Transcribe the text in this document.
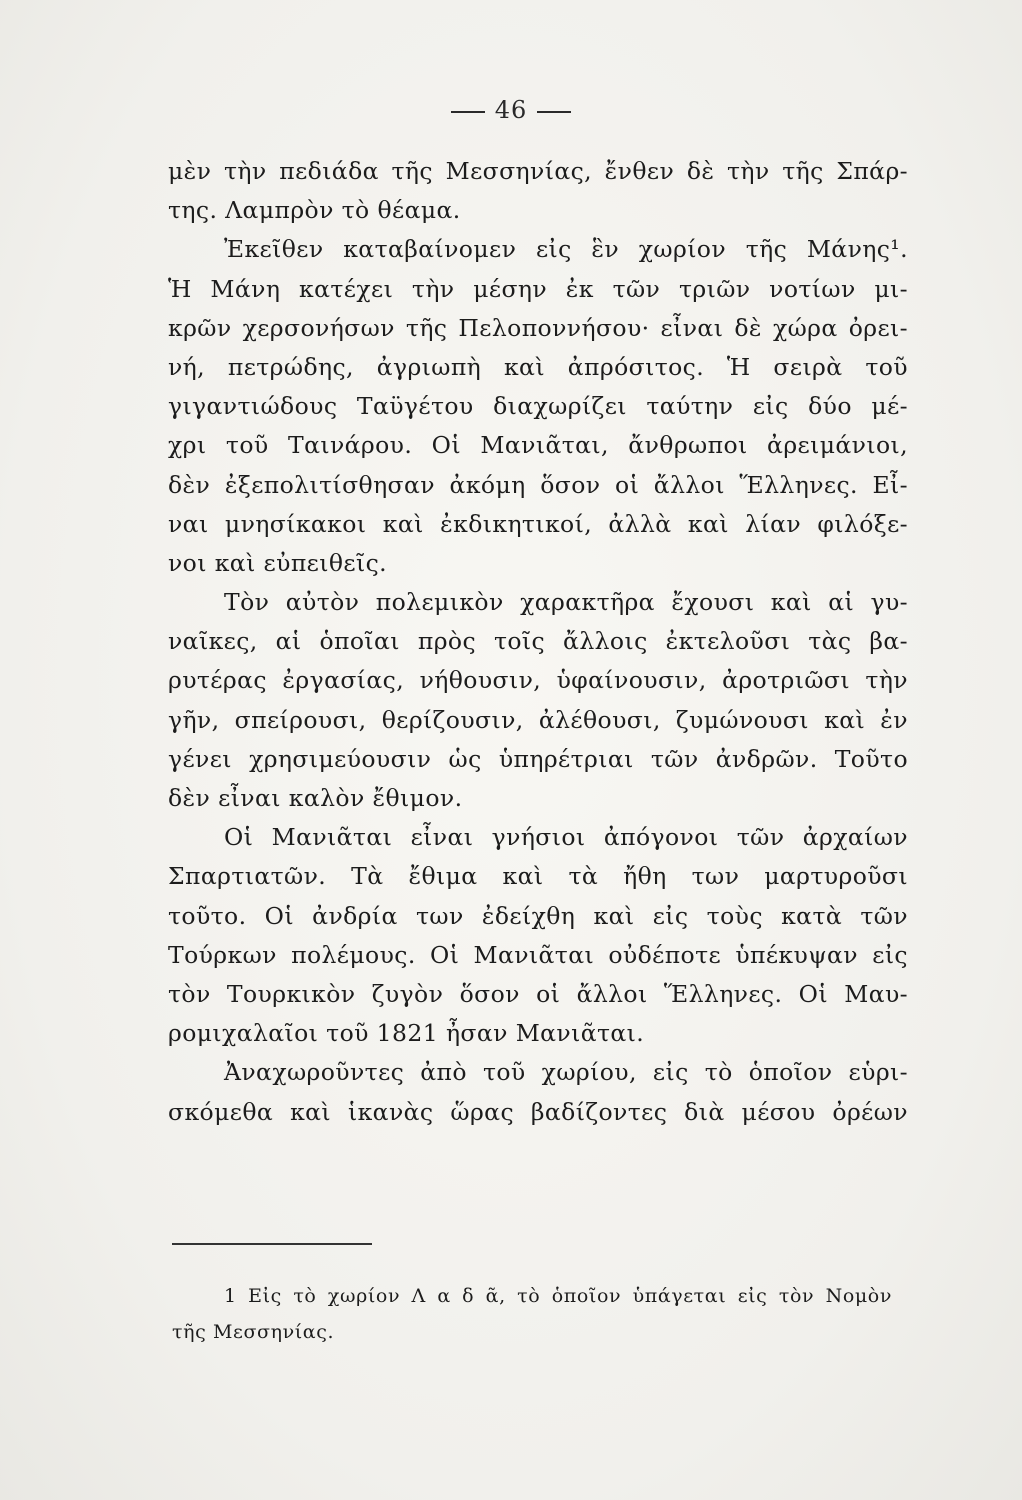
46
μὲν τὴν πεδιάδα τῆς Μεσσηνίας, ἔνθεν δὲ τὴν τῆς Σπάρ-
της. Λαμπρὸν τὸ θέαμα.
Ἐκεῖθεν καταβαίνομεν εἰς ἓν χωρίον τῆς Μάνης¹.
Ἡ Μάνη κατέχει τὴν μέσην ἐκ τῶν τριῶν νοτίων μι-
κρῶν χερσονήσων τῆς Πελοποννήσου· εἶναι δὲ χώρα ὀρει-
νή, πετρώδης, ἀγριωπὴ καὶ ἀπρόσιτος. Ἡ σειρὰ τοῦ
γιγαντιώδους Ταϋγέτου διαχωρίζει ταύτην εἰς δύο μέ-
χρι τοῦ Ταινάρου. Οἱ Μανιᾶται, ἄνθρωποι ἀρειμάνιοι,
δὲν ἐξεπολιτίσθησαν ἀκόμη ὅσον οἱ ἄλλοι Ἕλληνες. Εἶ-
ναι μνησίκακοι καὶ ἐκδικητικοί, ἀλλὰ καὶ λίαν φιλόξε-
νοι καὶ εὐπειθεῖς.
Τὸν αὐτὸν πολεμικὸν χαρακτῆρα ἔχουσι καὶ αἱ γυ-
ναῖκες, αἱ ὁποῖαι πρὸς τοῖς ἄλλοις ἐκτελοῦσι τὰς βα-
ρυτέρας ἐργασίας, νήθουσιν, ὑφαίνουσιν, ἀροτριῶσι τὴν
γῆν, σπείρουσι, θερίζουσιν, ἀλέθουσι, ζυμώνουσι καὶ ἐν
γένει χρησιμεύουσιν ὡς ὑπηρέτριαι τῶν ἀνδρῶν. Τοῦτο
δὲν εἶναι καλὸν ἔθιμον.
Οἱ Μανιᾶται εἶναι γνήσιοι ἀπόγονοι τῶν ἀρχαίων
Σπαρτιατῶν. Τὰ ἔθιμα καὶ τὰ ἤθη των μαρτυροῦσι
τοῦτο. Οἱ ἀνδρία των ἐδείχθη καὶ εἰς τοὺς κατὰ τῶν
Τούρκων πολέμους. Οἱ Μανιᾶται οὐδέποτε ὑπέκυψαν εἰς
τὸν Τουρκικὸν ζυγὸν ὅσον οἱ ἄλλοι Ἕλληνες. Οἱ Μαυ-
ρομιχαλαῖοι τοῦ 1821 ἦσαν Μανιᾶται.
Ἀναχωροῦντες ἀπὸ τοῦ χωρίου, εἰς τὸ ὁποῖον εὑρι-
σκόμεθα καὶ ἱκανὰς ὥρας βαδίζοντες διὰ μέσου ὀρέων
1 Εἰς τὸ χωρίον Λ α δ ᾶ, τὸ ὁποῖον ὑπάγεται εἰς τὸν Νομὸν
τῆς Μεσσηνίας.
